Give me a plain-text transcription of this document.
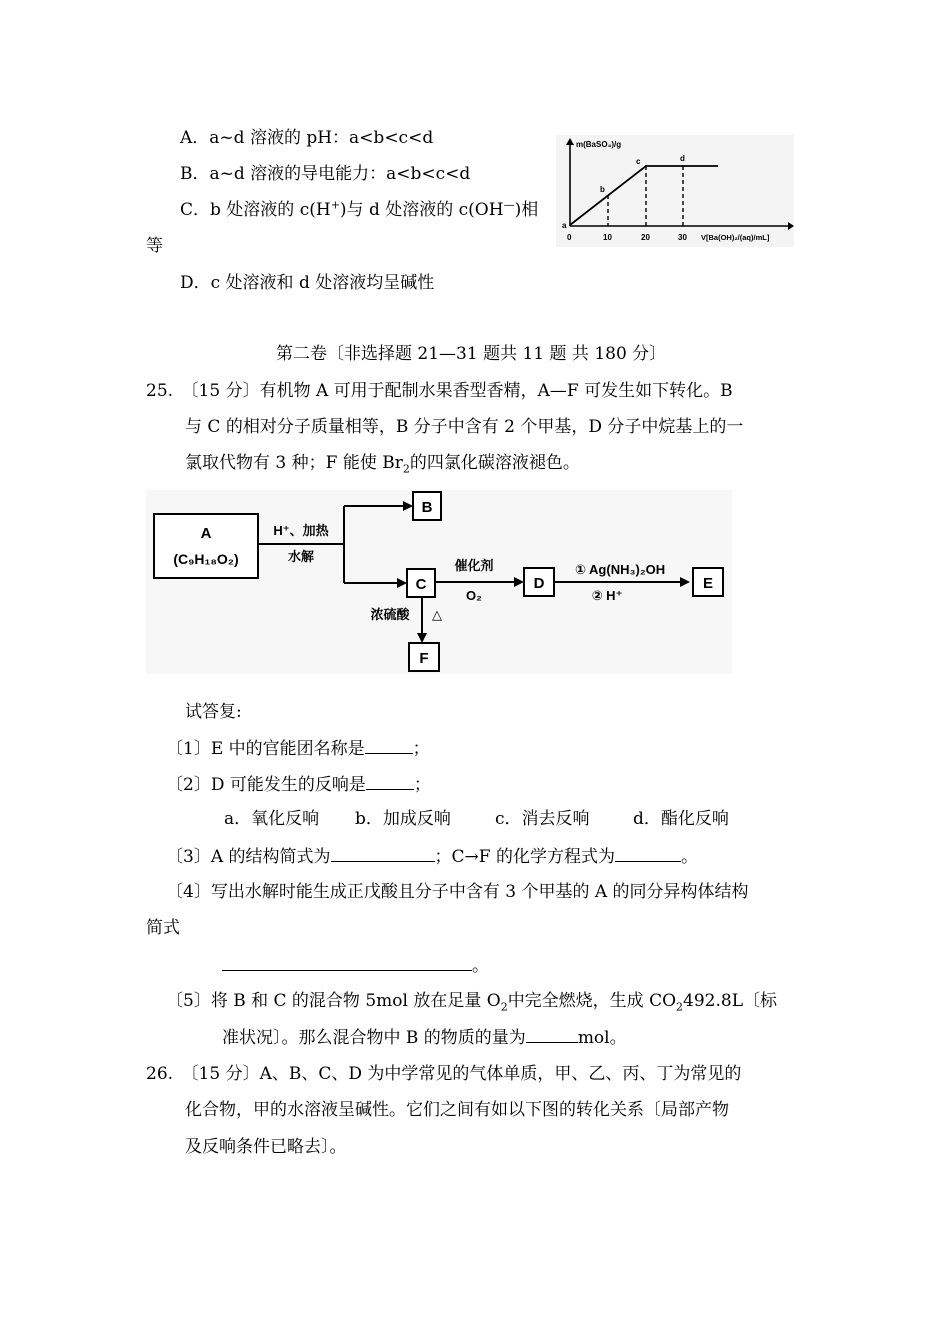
A．a~d 溶液的 pH：a<b<c<d
B．a~d 溶液的导电能力：a<b<c<d
C．b 处溶液的 c(H+)与 d 处溶液的 c(OH—)相
等
D．c 处溶液和 d 处溶液均呈碱性
m(BaSO₄)/g
a
b
c	d
0	10	20	30 V[Ba(OH)₂/(aq)/mL]
第二卷〔非选择题 21—31 题共 11 题 共 180 分〕
25.　〔15 分〕有机物 A 可用于配制水果香型香精，A—F 可发生如下转化。B
与 C 的相对分子质量相等，B 分子中含有 2 个甲基，D 分子中烷基上的一
氯取代物有 3 种；F 能使 $Br_2$的四氯化碳溶液褪色。
A
(C₉H₁₈O₂)
H⁺、加热
水解
B
C
催化剂
O₂
D
① Ag(NH₃)₂OH
② H⁺
E
浓硫酸 △
F
试答复:
〔1〕E 中的官能团名称是	；
〔2〕D 可能发生的反响是	；
a．氧化反响 b．加成反响	c．消去反响	d．酯化反响
〔3〕A 的结构简式为	；C→F 的化学方程式为	。
〔4〕写出水解时能生成正戊酸且分子中含有 3 个甲基的 A 的同分异构体结构
简式
。
〔5〕将 B 和 C 的混合物 5mol 放在足量 $O_2$中完全燃烧，生成 $CO_2492.8L$〔标
准状况〕。那么混合物中 B 的物质的量为	mol。
26.　〔15 分〕A、B、C、D 为中学常见的气体单质，甲、乙、丙、丁为常见的
化合物，甲的水溶液呈碱性。它们之间有如以下图的转化关系〔局部产物
及反响条件已略去〕。
